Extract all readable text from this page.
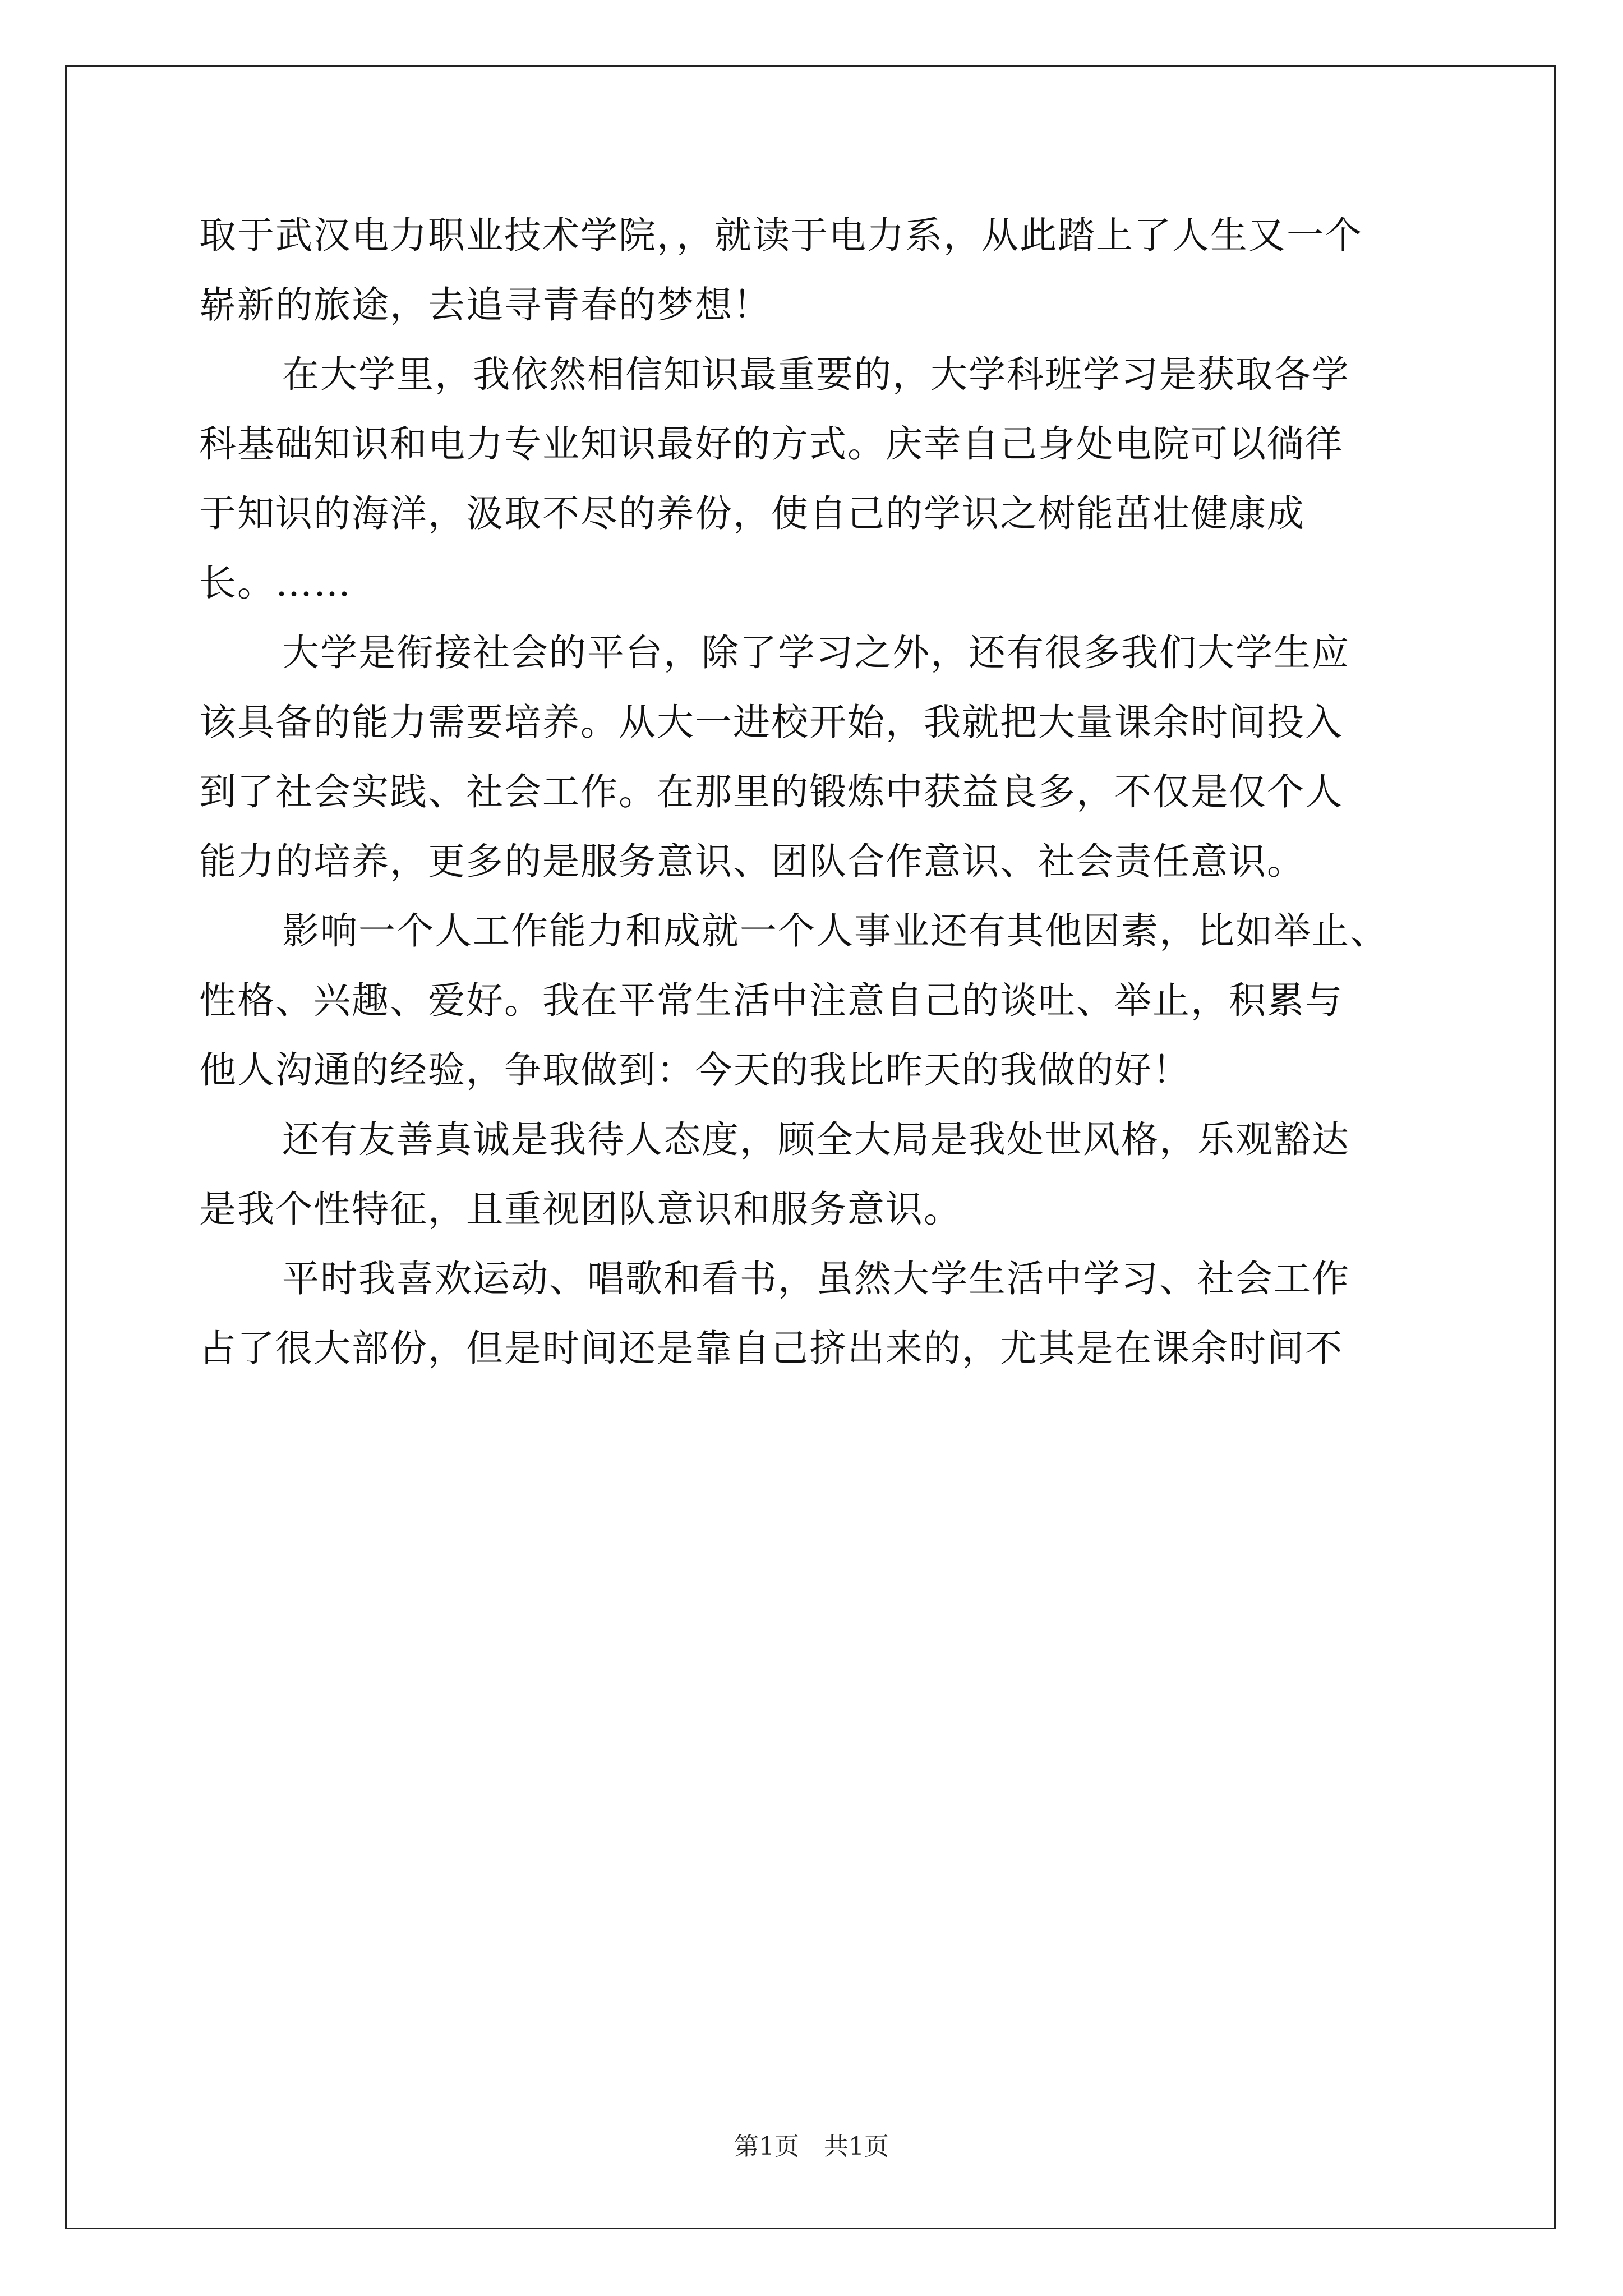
取于武汉电力职业技术学院，，就读于电力系，从此踏上了人生又一个
崭新的旅途，去追寻青春的梦想！
在大学里，我依然相信知识最重要的，大学科班学习是获取各学
科基础知识和电力专业知识最好的方式。庆幸自己身处电院可以徜徉
于知识的海洋，汲取不尽的养份，使自己的学识之树能茁壮健康成
长。……
大学是衔接社会的平台，除了学习之外，还有很多我们大学生应
该具备的能力需要培养。从大一进校开始，我就把大量课余时间投入
到了社会实践、社会工作。在那里的锻炼中获益良多，不仅是仅个人
能力的培养，更多的是服务意识、团队合作意识、社会责任意识。
影响一个人工作能力和成就一个人事业还有其他因素，比如举止、
性格、兴趣、爱好。我在平常生活中注意自己的谈吐、举止，积累与
他人沟通的经验，争取做到：今天的我比昨天的我做的好！
还有友善真诚是我待人态度，顾全大局是我处世风格，乐观豁达
是我个性特征，且重视团队意识和服务意识。
平时我喜欢运动、唱歌和看书，虽然大学生活中学习、社会工作
占了很大部份，但是时间还是靠自己挤出来的，尤其是在课余时间不
第1页　共1页
